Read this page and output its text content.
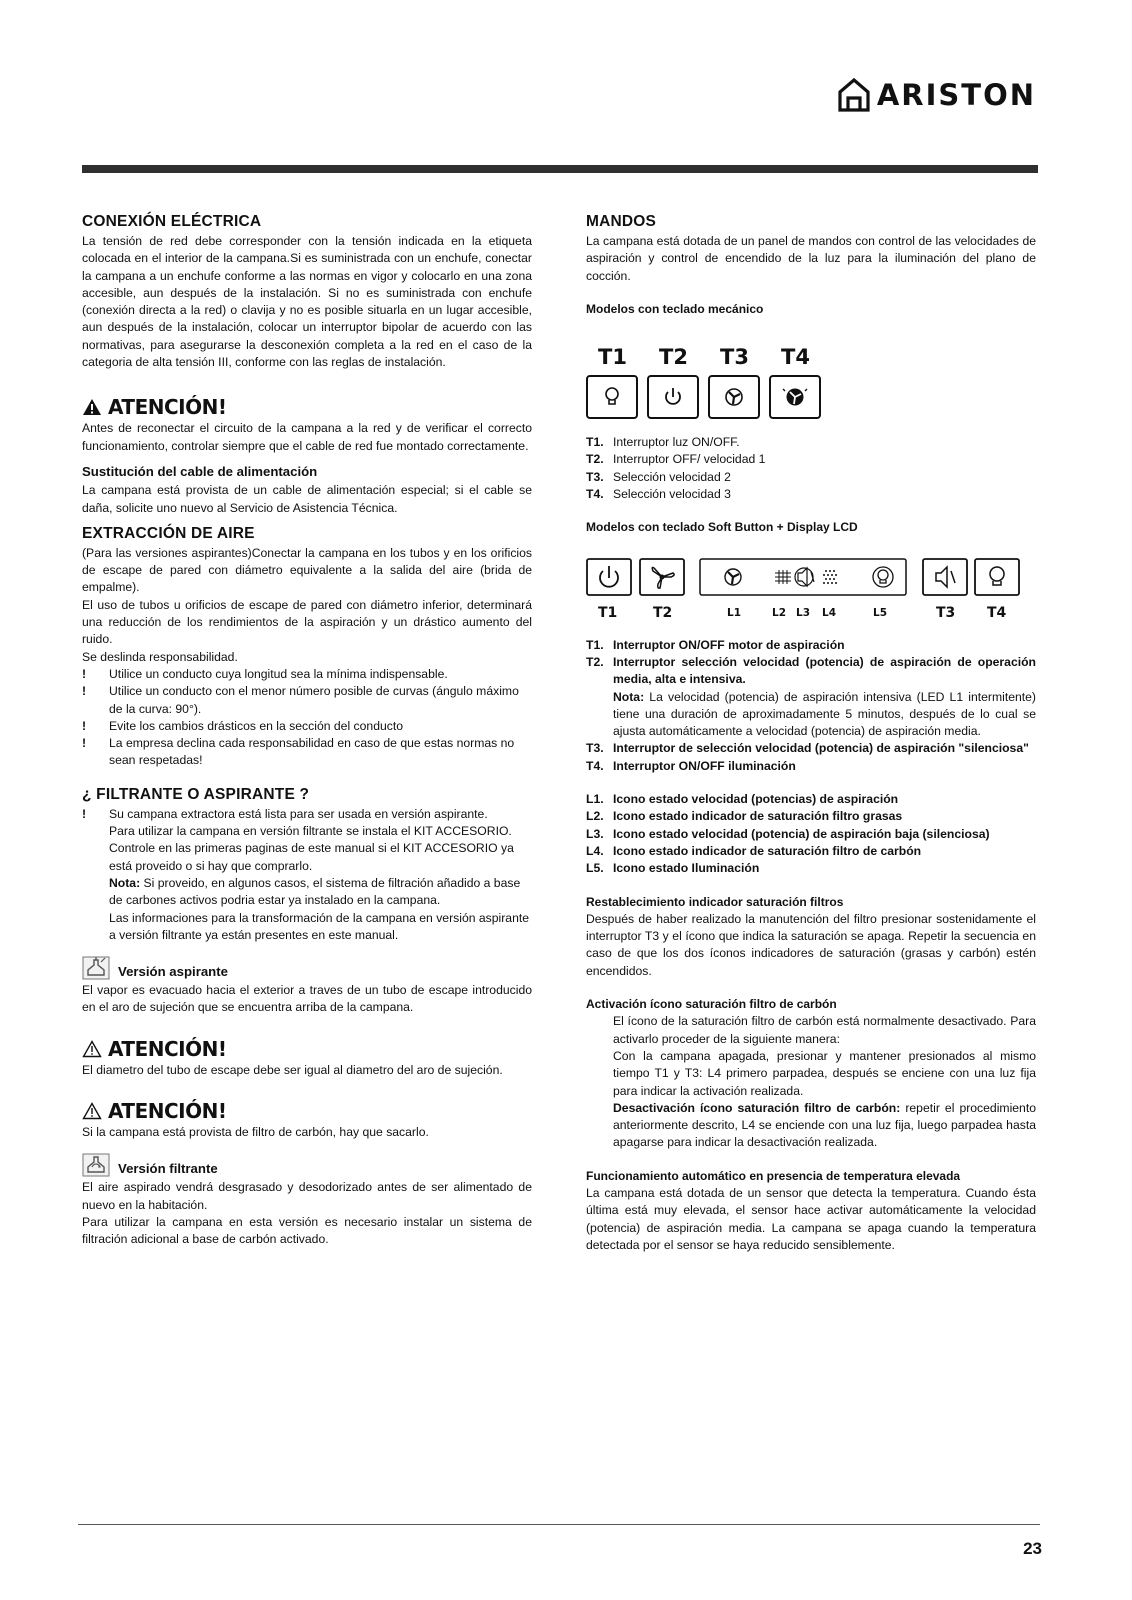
ARISTON
CONEXIÓN ELÉCTRICA

La tensión de red debe corresponder con la tensión indicada en la etiqueta colocada en el interior de la campana.Si es suministrada con un enchufe, conectar la campana a un enchufe conforme a las normas en vigor y colocarlo en una zona accesible, aun después de la instalación. Si no es suministrada con enchufe (conexión directa a la red) o clavija y no es posible situarla en un lugar accesible, aun después de la instalación, colocar un interruptor bipolar de acuerdo con las normativas, para asegurarse la desconexión completa a la red en el caso de la categoria de alta tensión III, conforme con las reglas de instalación.

ATENCIÓN!

Antes de reconectar el circuito de la campana a la red y de verificar el correcto funcionamiento, controlar siempre que el cable de red fue montado correctamente.

Sustitución del cable de alimentación

La campana está provista de un cable de alimentación especial; si el cable se daña, solicite uno nuevo al Servicio de Asistencia Técnica.

EXTRACCIÓN DE AIRE

(Para las versiones aspirantes)Conectar la campana en los tubos y en los orificios de escape de pared con diámetro equivalente a la salida del aire (brida de empalme).

El uso de tubos u orificios de escape de pared con diámetro inferior, determinará una reducción de los rendimientos de la aspiración y un drástico aumento del ruido.

Se deslinda responsabilidad.

!	Utilice un conducto cuya longitud sea la mínima indispensable.
!	Utilice un conducto con el menor número posible de curvas (ángulo máximo de la curva: 90°).
!	Evite los cambios drásticos en la sección del conducto
!	La empresa declina cada responsabilidad en caso de que estas normas no sean respetadas!
¿ FILTRANTE O ASPIRANTE ?
!	Su campana extractora está lista para ser usada en versión aspirante.
Para utilizar la campana en versión filtrante se instala el KIT ACCESORIO.
Controle en las primeras paginas de este manual si el KIT ACCESORIO ya está proveido o si hay que comprarlo.
Nota: Si proveido, en algunos casos, el sistema de filtración añadido a base de carbones activos podria estar ya instalado en la campana.
Las informaciones para la transformación de la campana en versión aspirante a versión filtrante ya están presentes en este manual.
Versión aspirante

El vapor es evacuado hacia el exterior a traves de un tubo de escape introducido en el aro de sujeción que se encuentra arriba de la campana.

ATENCIÓN!

El diametro del tubo de escape debe ser igual al diametro del aro de sujeción.

ATENCIÓN!

Si la campana está provista de filtro de carbón, hay que sacarlo.

Versión filtrante

El aire aspirado vendrá desgrasado y desodorizado antes de ser alimentado de nuevo en la habitación.

Para utilizar la campana en esta versión es necesario instalar un sistema de filtración adicional a base de carbón activado.

MANDOS

La campana está dotada de un panel de mandos con control de las velocidades de aspiración y control de encendido de la luz para la iluminación del plano de cocción.

Modelos con teclado mecánico
T1 T2 T3 T4
T1. Interruptor luz ON/OFF.
T2. Interruptor OFF/ velocidad 1
T3. Selección velocidad 2
T4. Selección velocidad 3
Modelos con teclado Soft Button + Display LCD
T1	T2	L1	L2 L3 L4	L5	T3 T4
T1. Interruptor ON/OFF motor de aspiración
T2. Interruptor selección velocidad (potencia) de aspiración de operación media, alta e intensiva.

Nota: La velocidad (potencia) de aspiración intensiva (LED L1 intermitente) tiene una duración de aproximadamente 5 minutos, después de lo cual se ajusta automáticamente a velocidad (potencia) de aspiración media.

T3. Interruptor de selección velocidad (potencia) de aspiración "silenciosa"
T4. Interruptor ON/OFF iluminación
L1. Icono estado velocidad (potencias) de aspiración
L2. Icono estado indicador de saturación filtro grasas
L3. Icono estado velocidad (potencia) de aspiración baja (silenciosa)
L4. Icono estado indicador de saturación filtro de carbón
L5. Icono estado Iluminación
Restablecimiento indicador saturación filtros

Después de haber realizado la manutención del filtro presionar sostenidamente el interruptor T3 y el ícono que indica la saturación se apaga. Repetir la secuencia en caso de que los dos íconos indicadores de saturación (grasas y carbón) estén encendidos.

Activación ícono saturación filtro de carbón

El ícono de la saturación filtro de carbón está normalmente desactivado. Para activarlo proceder de la siguiente manera:

Con la campana apagada, presionar y mantener presionados al mismo tiempo T1 y T3: L4 primero parpadea, después se enciene con una luz fija para indicar la activación realizada.

Desactivación ícono saturación filtro de carbón: repetir el procedimiento anteriormente descrito, L4 se enciende con una luz fija, luego parpadea hasta apagarse para indicar la desactivación realizada.

Funcionamiento automático en presencia de temperatura elevada

La campana está dotada de un sensor que detecta la temperatura. Cuando ésta última está muy elevada, el sensor hace activar automáticamente la velocidad (potencia) de aspiración media. La campana se apaga cuando la temperatura detectada por el sensor se haya reducido sensiblemente.

23
